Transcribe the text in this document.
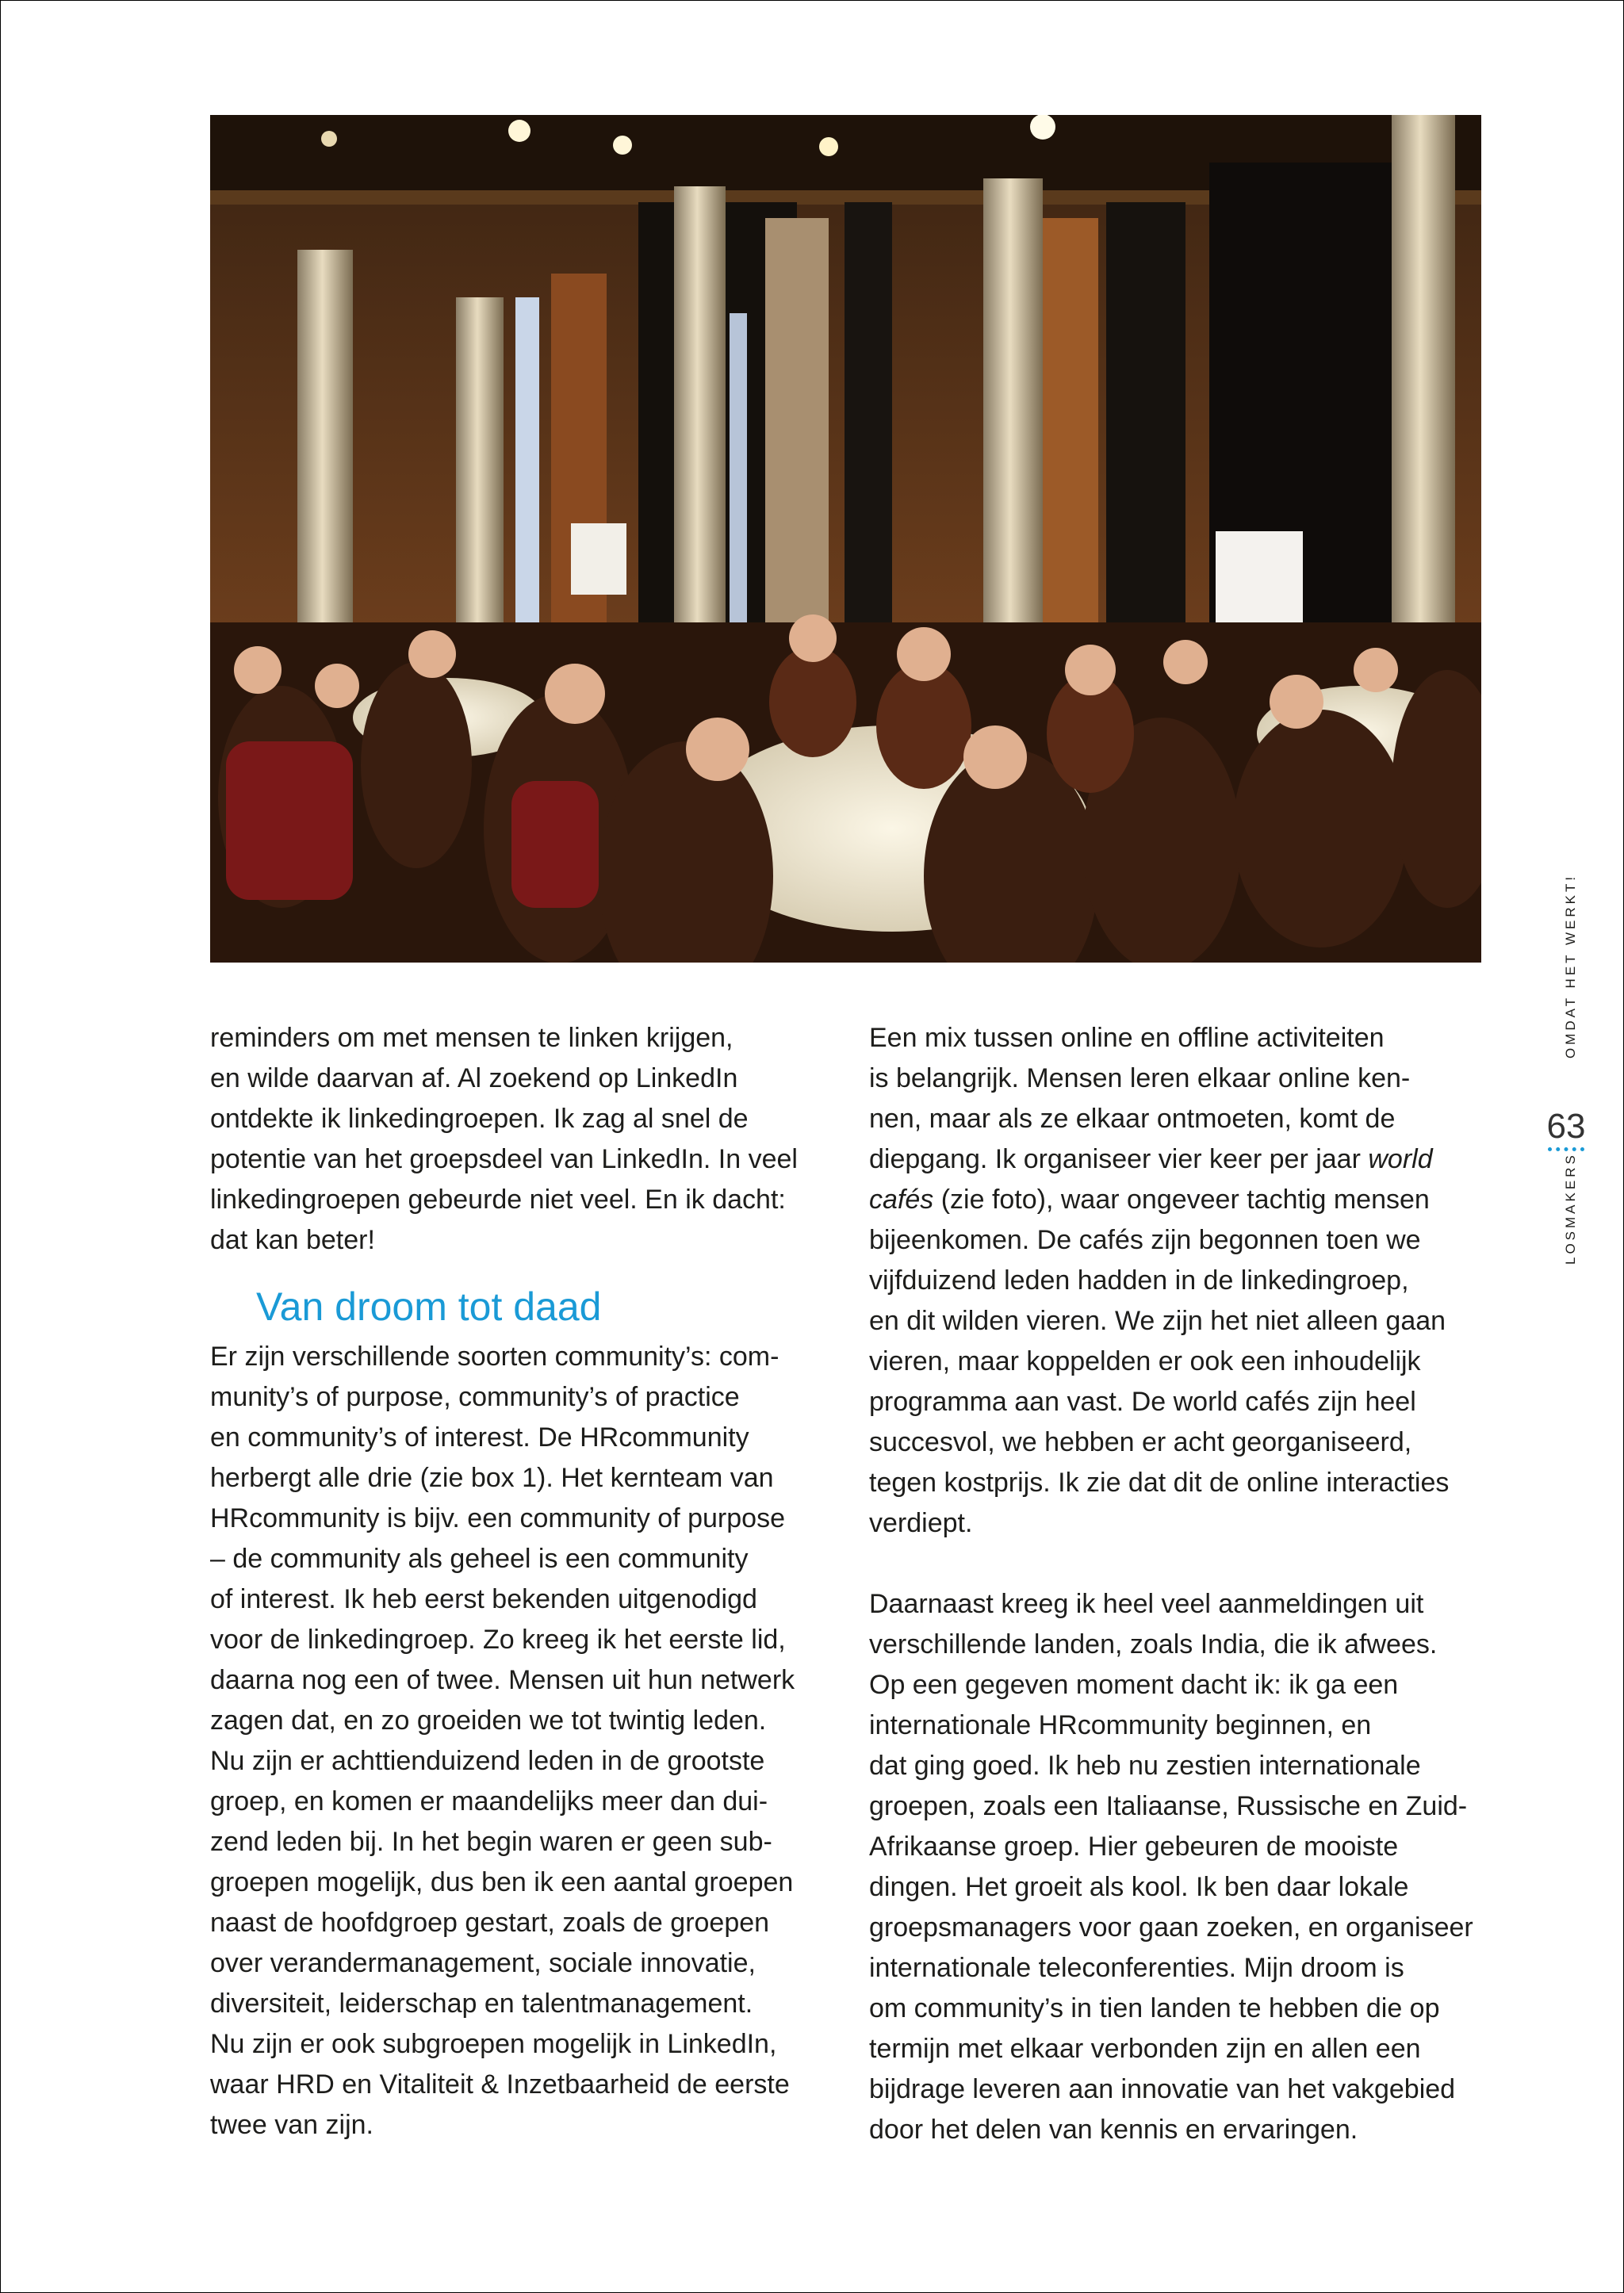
reminders om met mensen te linken krijgen,
en wilde daarvan af. Al zoekend op LinkedIn
ontdekte ik linkedingroepen. Ik zag al snel de
potentie van het groepsdeel van LinkedIn. In veel
linkedingroepen gebeurde niet veel. En ik dacht:
dat kan beter!

Van droom tot daad

Er zijn verschillende soorten community’s: com-
munity’s of purpose, community’s of practice
en community’s of interest. De HRcommunity
herbergt alle drie (zie box 1). Het kernteam van
HRcommunity is bijv. een community of purpose
– de community als geheel is een community
of interest. Ik heb eerst bekenden uitgenodigd
voor de linkedingroep. Zo kreeg ik het eerste lid,
daarna nog een of twee. Mensen uit hun netwerk
zagen dat, en zo groeiden we tot twintig leden.
Nu zijn er achttienduizend leden in de grootste
groep, en komen er maandelijks meer dan dui-
zend leden bij. In het begin waren er geen sub-
groepen mogelijk, dus ben ik een aantal groepen
naast de hoofdgroep gestart, zoals de groepen
over verandermanagement, sociale innovatie,
diversiteit, leiderschap en talentmanagement.
Nu zijn er ook subgroepen mogelijk in LinkedIn,
waar HRD en Vitaliteit & Inzetbaarheid de eerste
twee van zijn.

Een mix tussen online en offline activiteiten
is belangrijk. Mensen leren elkaar online ken-
nen, maar als ze elkaar ontmoeten, komt de
diepgang. Ik organiseer vier keer per jaar world
cafés (zie foto), waar ongeveer tachtig mensen
bijeenkomen. De cafés zijn begonnen toen we
vijfduizend leden hadden in de linkedingroep,
en dit wilden vieren. We zijn het niet alleen gaan
vieren, maar koppelden er ook een inhoudelijk
programma aan vast. De world cafés zijn heel
succesvol, we hebben er acht georganiseerd,
tegen kostprijs. Ik zie dat dit de online interacties
verdiept.

Daarnaast kreeg ik heel veel aanmeldingen uit
verschillende landen, zoals India, die ik afwees.
Op een gegeven moment dacht ik: ik ga een
internationale HRcommunity beginnen, en
dat ging goed. Ik heb nu zestien internationale
groepen, zoals een Italiaanse, Russische en Zuid-
Afrikaanse groep. Hier gebeuren de mooiste
dingen. Het groeit als kool. Ik ben daar lokale
groepsmanagers voor gaan zoeken, en organiseer
internationale teleconferenties. Mijn droom is
om community’s in tien landen te hebben die op
termijn met elkaar verbonden zijn en allen een
bijdrage leveren aan innovatie van het vakgebied
door het delen van kennis en ervaringen.

OMDAT HET WERKT!
63
LOSMAKERS
